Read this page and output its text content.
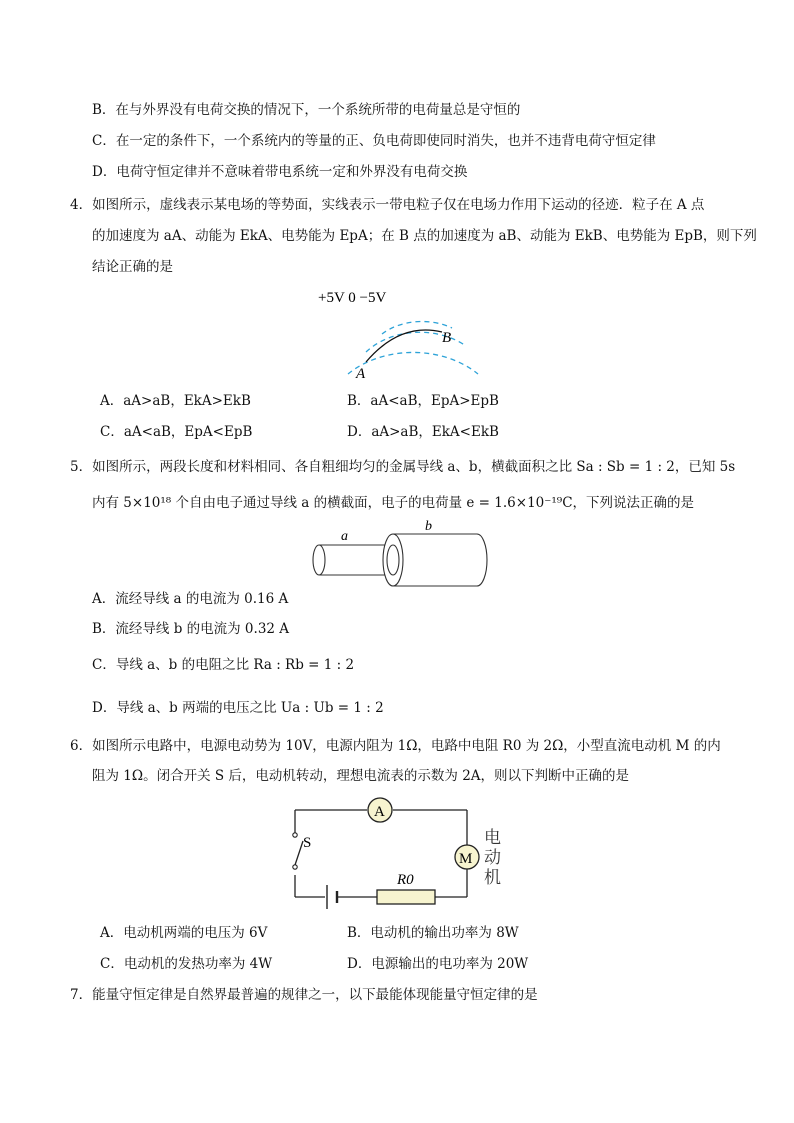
B．在与外界没有电荷交换的情况下，一个系统所带的电荷量总是守恒的
C．在一定的条件下，一个系统内的等量的正、负电荷即使同时消失，也并不违背电荷守恒定律
D．电荷守恒定律并不意味着带电系统一定和外界没有电荷交换
4．如图所示，虚线表示某电场的等势面，实线表示一带电粒子仅在电场力作用下运动的径迹．粒子在 A 点
的加速度为 aA、动能为 EkA、电势能为 EpA；在 B 点的加速度为 aB、动能为 EkB、电势能为 EpB，则下列
结论正确的是
+5V 0 −5V
A
B
A．aA>aB，EkA>EkB	B．aA<aB，EpA>EpB
C．aA<aB，EpA<EpB	D．aA>aB，EkA<EkB
5．如图所示，两段长度和材料相同、各自粗细均匀的金属导线 a、b，横截面积之比 Sa : Sb = 1 : 2，已知 5s
内有 5×10¹⁸ 个自由电子通过导线 a 的横截面，电子的电荷量 e = 1.6×10⁻¹⁹C，下列说法正确的是
a
b
A．流经导线 a 的电流为 0.16 A
B．流经导线 b 的电流为 0.32 A
C．导线 a、b 的电阻之比 Ra : Rb = 1 : 2
D．导线 a、b 两端的电压之比 Ua : Ub = 1 : 2
6．如图所示电路中，电源电动势为 10V，电源内阻为 1Ω，电路中电阻 R0 为 2Ω，小型直流电动机 M 的内
阻为 1Ω。闭合开关 S 后，电动机转动，理想电流表的示数为 2A，则以下判断中正确的是
A
S
R0
M
电动机
A．电动机两端的电压为 6V	B．电动机的输出功率为 8W
C．电动机的发热功率为 4W	D．电源输出的电功率为 20W
7．能量守恒定律是自然界最普遍的规律之一，以下最能体现能量守恒定律的是
